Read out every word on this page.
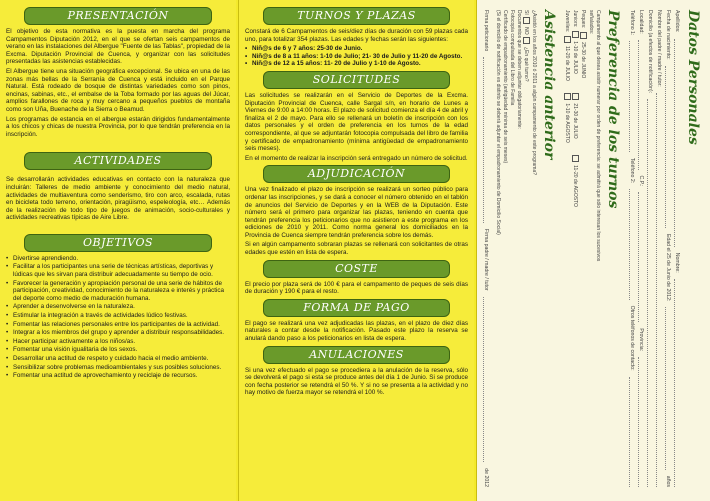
PRESENTACIÓN

El objetivo de esta normativa es la puesta en marcha del programa Campamentos Diputación 2012, en el que se ofertan seis campamentos de verano en las instalaciones del Albergue "Fuente de las Tablas", propiedad de la Excma. Diputación Provincial de Cuenca, y organizar con las solicitudes presentadas las asistencias establecidas.

El Albergue tiene una situación geográfica excepcional. Se ubica en una de las zonas más bellas de la Serranía de Cuenca y está incluido en el Parque Natural. Está rodeado de bosque de distintas variedades como son pinos, encinas, sabinas, etc., el embalse de la Toba formado por las aguas del Júcar, amplios farallones de roca y muy cercano a pequeños pueblos de montaña como son Uña, Buenache de la Sierra o Beamud.

Los programas de estancia en el albergue estarán dirigidos fundamentalmente a los chicos y chicas de nuestra Provincia, por lo que tendrán preferencia en la inscripción.

ACTIVIDADES

Se desarrollarán actividades educativas en contacto con la naturaleza que incluirán: Talleres de medio ambiente y conocimiento del medio natural, actividades de multiaventura como senderismo, tiro con arco, escalada, rutas en bicicleta todo terreno, orientación, piragüismo, espeleología, etc… Además de la realización de todo tipo de juegos de animación, socio-culturales y actividades recreativas típicas de Aire Libre.

OBJETIVOS
• Divertirse aprendiendo.
• Facilitar a los participantes una serie de técnicas artísticas, deportivas y lúdicas que les sirvan para distribuir adecuadamente su tiempo de ocio.
• Favorecer la generación y apropiación personal de una serie de hábitos de participación, creatividad, conocimiento de la naturaleza e interés y práctica del deporte como medio de maduración humana.
• Aprender a desenvolverse en la naturaleza.
• Estimular la integración a través de actividades lúdico festivas.
• Fomentar las relaciones personales entre los participantes de la actividad.
• Integrar a los miembros del grupo y aprender a distribuir responsabilidades.
• Hacer participar activamente a los niños/as.
• Fomentar una visión igualitaria de los sexos.
• Desarrollar una actitud de respeto y cuidado hacia el medio ambiente.
• Sensibilizar sobre problemas medioambientales y sus posibles soluciones.
• Fomentar una actitud de aprovechamiento y reciclaje de recursos.
TURNOS Y PLAZAS

Constará de 6 Campamentos de seis/diez días de duración con 59 plazas cada uno, para totalizar 354 plazas. Las edades y fechas serán las siguientes:

• Niñ@s de 6 y 7 años: 25-30 de Junio.
• Niñ@s de 8 a 11 años: 1-10 de Julio; 21- 30 de Julio y 11-20 de Agosto.
• Niñ@s de 12 a 15 años: 11- 20 de Julio y 1-10 de Agosto.
SOLICITUDES

Las solicitudes se realizarán en el Servicio de Deportes de la Excma. Diputación Provincial de Cuenca, calle Sargal s/n, en horario de Lunes a Viernes de 9:00 a 14:00 horas. El plazo de solicitud comienza el día 4 de abril y finaliza el 2 de mayo. Para ello se rellenará un boletín de inscripción con los datos personales y el orden de preferencia en los turnos de la edad correspondiente, al que se adjuntarán fotocopia compulsada del libro de familia y certificado de empadronamiento (mínima antigüedad de empadronamiento seis meses).

En el momento de realizar la inscripción será entregado un número de solicitud.

ADJUDICACIÓN

Una vez finalizado el plazo de inscripción se realizará un sorteo público para ordenar las inscripciones, y se dará a conocer el número obtenido en el tablón de anuncios del Servicio de Deportes y en la WEB de la Diputación. Este número será el primero para organizar las plazas, teniendo en cuenta que tendrán preferencia los peticionarios que no asistieron a este programa en los ediciones de 2010 y 2011. Como norma general los domiciliados en la Provincia de Cuenca siempre tendrán preferencia sobre los demás.

Si en algún campamento sobraran plazas se rellenará con solicitantes de otras edades que estén en lista de espera.

COSTE

El precio por plaza será de 100 € para el campamento de peques de seis días de duración y 190 € para el resto.

FORMA DE PAGO

El pago se realizará una vez adjudicadas las plazas, en el plazo de diez días naturales a contar desde la notificación. Pasado este plazo la reserva se anulará dando paso a los peticionarios en lista de espera.

ANULACIONES

Si una vez efectuado el pago se procediera a la anulación de la reserva, sólo se devolverá el pago si esta se produce antes del día 1 de Junio. Si se produce con fecha posterior se retendrá el 50 %. Y si no se presenta a la actividad y no hay motivo de fuerza mayor se retendrá el 100 %.

Datos Personales
Apellidos:
Nombre:
Fecha de nacimiento:
Edad el 25 de Junio de 2012:
años
Nombre del padre / madre / tutor:
Domicilio (a efectos de notificación):
Localidad:
C.P.:
Provincia:
Teléfono 1:
Teléfono 2:
Otros teléfonos de contacto:
Preferencia de los turnos
Campamento al que desea asistir numerar por orden de preferencia: se admitirá que sólo interesan los sucesivos
señalados:
Peques:  25-30 de JUNIO
Juniors:  1-10 de JULIO
Juveniles:  11-20 de JULIO

21-30 de JULIO
1-10 de AGOSTO

11-20 de AGOSTO
Asistencia anterior
¿Asistió en los años 2010 ó 2011 a algún campamento de este programa?
SI NO ¿En qué turno?
Documentos que se deben adjuntar obligatoriamente:
Fotocopia compulsada del Libro de Familia
Certificado de empadronamiento (antigüedad mínima de seis meses)
(Si el domicilio de notificación es distinto se deberá adjuntar el empadronamiento de Domicilio Social)
Firma peticionario
Firma padre / madre / tutor
de 2012
